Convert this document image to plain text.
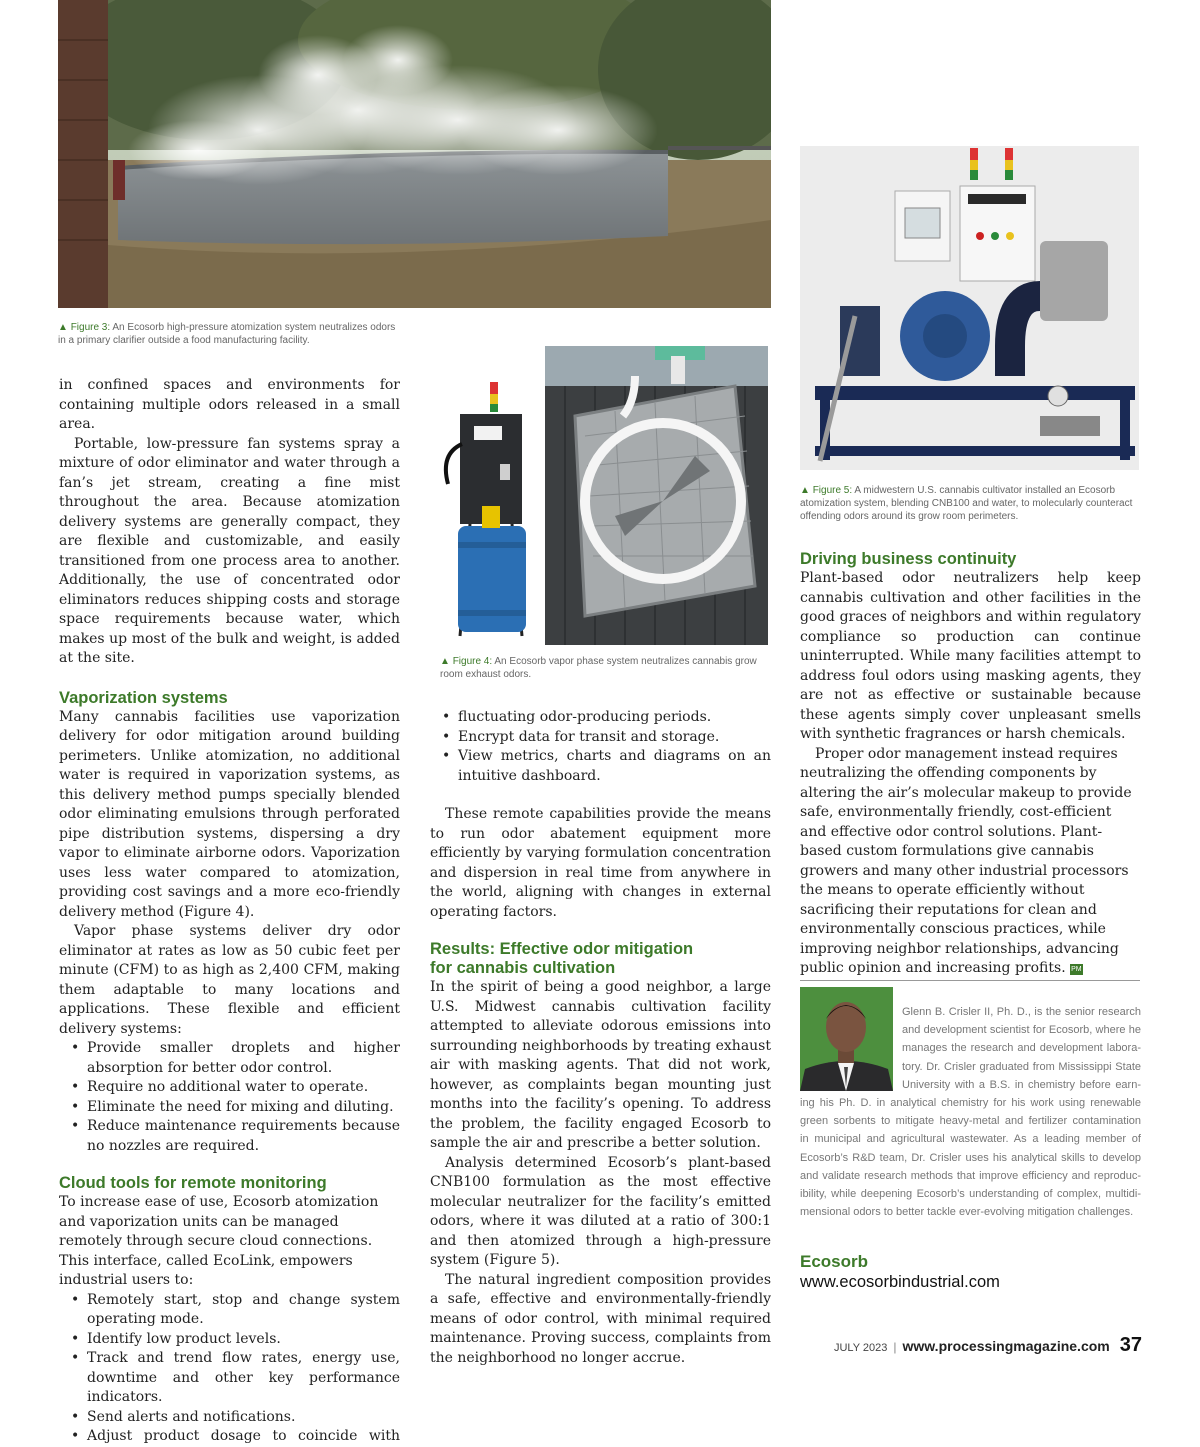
▲ Figure 3: An Ecosorb high-pressure atomization system neutralizes odors in a primary clarifier outside a food manufacturing facility.

in confined spaces and environments for containing multiple odors released in a small area.

Portable, low-pressure fan systems spray a mixture of odor eliminator and water through a fan’s jet stream, creating a fine mist throughout the area. Because atomization delivery systems are generally compact, they are flexible and customizable, and easily transitioned from one process area to another. Additionally, the use of concentrated odor eliminators reduces shipping costs and storage space requirements because water, which makes up most of the bulk and weight, is added at the site.

Vaporization systems

Many cannabis facilities use vaporization delivery for odor mitigation around building perimeters. Unlike atomization, no additional water is required in vaporization systems, as this delivery method pumps specially blended odor eliminating emulsions through perforated pipe distribution systems, dispersing a dry vapor to eliminate airborne odors. Vaporization uses less water compared to atomization, providing cost savings and a more eco-friendly delivery method (Figure 4).

Vapor phase systems deliver dry odor eliminator at rates as low as 50 cubic feet per minute (CFM) to as high as 2,400 CFM, making them adaptable to many locations and applications. These flexible and efficient delivery systems:

• Provide smaller droplets and higher absorption for better odor control.
• Require no additional water to operate.
• Eliminate the need for mixing and diluting.
• Reduce maintenance requirements because no nozzles are required.

Cloud tools for remote monitoring

To increase ease of use, Ecosorb atomization and vaporization units can be managed remotely through secure cloud connections. This interface, called EcoLink, empowers industrial users to:

• Remotely start, stop and change system operating mode.
• Identify low product levels.
• Track and trend flow rates, energy use, downtime and other key performance indicators.
• Send alerts and notifications.
• Adjust product dosage to coincide with

▲ Figure 4: An Ecosorb vapor phase system neutralizes cannabis grow room exhaust odors.

• fluctuating odor-producing periods.
• Encrypt data for transit and storage.
• View metrics, charts and diagrams on an intuitive dashboard.

These remote capabilities provide the means to run odor abatement equipment more efficiently by varying formulation concentration and dispersion in real time from anywhere in the world, aligning with changes in external operating factors.

Results: Effective odor mitigation

for cannabis cultivation

In the spirit of being a good neighbor, a large U.S. Midwest cannabis cultivation facility attempted to alleviate odorous emissions into surrounding neighborhoods by treating exhaust air with masking agents. That did not work, however, as complaints began mounting just months into the facility’s opening. To address the problem, the facility engaged Ecosorb to sample the air and prescribe a better solution.

Analysis determined Ecosorb’s plant-based CNB100 formulation as the most effective molecular neutralizer for the facility’s emitted odors, where it was diluted at a ratio of 300:1 and then atomized through a high-pressure system (Figure 5).

The natural ingredient composition provides a safe, effective and environmentally-friendly means of odor control, with minimal required maintenance. Proving success, complaints from the neighborhood no longer accrue.

▲ Figure 5: A midwestern U.S. cannabis cultivator installed an Ecosorb atomization system, blending CNB100 and water, to molecularly counteract offending odors around its grow room perimeters.

Driving business continuity

Plant-based odor neutralizers help keep cannabis cultivation and other facilities in the good graces of neighbors and within regulatory compliance so production can continue uninterrupted. While many facilities attempt to address foul odors using masking agents, they are not as effective or sustainable because these agents simply cover unpleasant smells with synthetic fragrances or harsh chemicals.

Proper odor management instead requires neutralizing the offending components by altering the air’s molecular makeup to provide safe, environmentally friendly, cost-efficient and effective odor control solutions. Plant-based custom formulations give cannabis growers and many other industrial processors the means to operate efficiently without sacrificing their reputations for clean and environmentally conscious practices, while improving neighbor relationships, advancing public opinion and increasing profits. PM

Glenn B. Crisler II, Ph. D., is the senior research

and development scientist for Ecosorb, where he

manages the research and development labora-

tory. Dr. Crisler graduated from Mississippi State

University with a B.S. in chemistry before earn-

ing his Ph. D. in analytical chemistry for his work using renewable

green sorbents to mitigate heavy-metal and fertilizer contamination

in municipal and agricultural wastewater. As a leading member of

Ecosorb’s R&D team, Dr. Crisler uses his analytical skills to develop

and validate research methods that improve efficiency and reproduc-

ibility, while deepening Ecosorb’s understanding of complex, multidi-

mensional odors to better tackle ever-evolving mitigation challenges.

Ecosorb

www.ecosorbindustrial.com

JULY 2023 | www.processingmagazine.com 37
